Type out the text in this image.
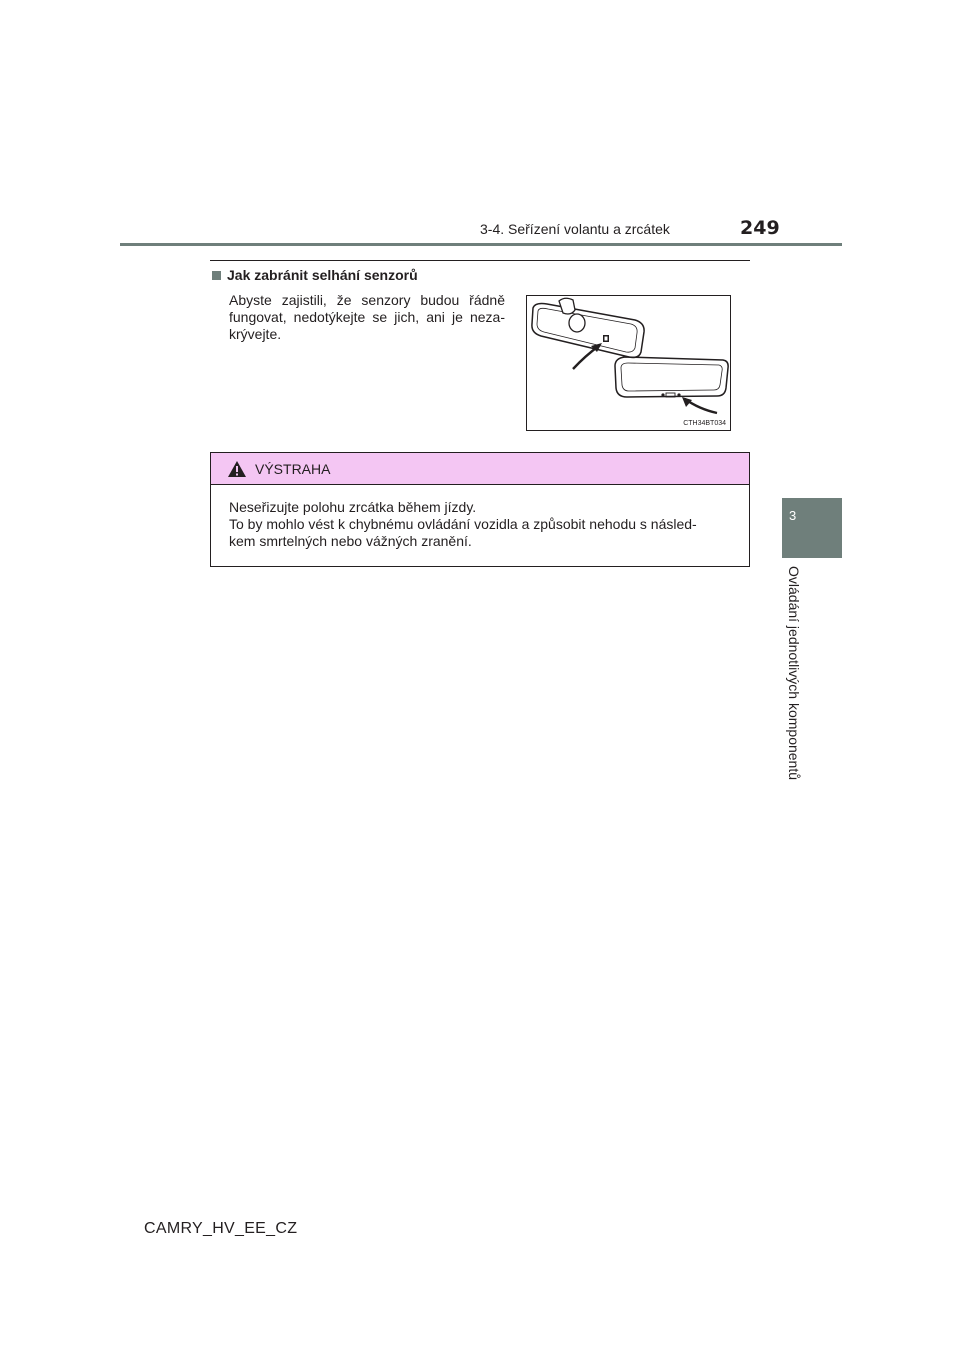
3-4. Seřízení volantu a zrcátek	249
3
Ovládání jednotlivých komponentů
Jak zabránit selhání senzorů
Abyste zajistili, že senzory budou řádně fungovat, nedotýkejte se jich, ani je neza-krývejte.
CTH34BT034
VÝSTRAHA
Neseřizujte polohu zrcátka během jízdy.
To by mohlo vést k chybnému ovládání vozidla a způsobit nehodu s násled-
kem smrtelných nebo vážných zranění.
CAMRY_HV_EE_CZ
